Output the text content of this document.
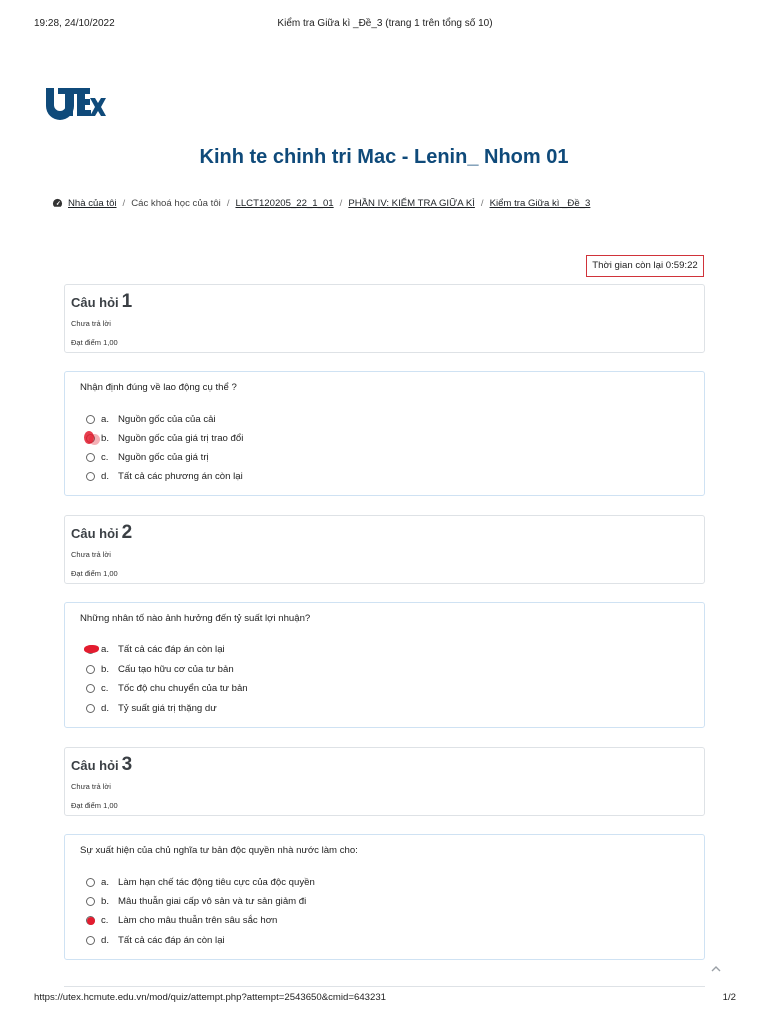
19:28, 24/10/2022	Kiểm tra Giữa kì _Đề_3 (trang 1 trên tổng số 10)
Kinh te chinh tri Mac - Lenin_ Nhom 01
Nhà của tôi / Các khoá học của tôi / LLCT120205_22_1_01 / PHẦN IV: KIỂM TRA GIỮA KÌ / Kiểm tra Giữa kì _Đề_3
Thời gian còn lại 0:59:22
Câu hỏi 1
Chưa trả lời
Đạt điểm 1,00
Nhận định đúng về lao động cụ thể ?
a. Nguồn gốc của của cải
b. Nguồn gốc của giá trị trao đổi
c. Nguồn gốc của giá trị
d. Tất cả các phương án còn lại
Câu hỏi 2
Chưa trả lời
Đạt điểm 1,00
Những nhân tố nào ảnh hưởng đến tỷ suất lợi nhuận?
a. Tất cả các đáp án còn lại
b. Cấu tạo hữu cơ của tư bản
c. Tốc độ chu chuyển của tư bản
d. Tỷ suất giá trị thặng dư
Câu hỏi 3
Chưa trả lời
Đạt điểm 1,00
Sự xuất hiện của chủ nghĩa tư bản độc quyền nhà nước làm cho:
a. Làm hạn chế tác động tiêu cực của độc quyền
b. Mâu thuẫn giai cấp vô sản và tư sản giảm đi
c. Làm cho mâu thuẫn trên sâu sắc hơn
d. Tất cả các đáp án còn lại
https://utex.hcmute.edu.vn/mod/quiz/attempt.php?attempt=2543650&cmid=643231	1/2
